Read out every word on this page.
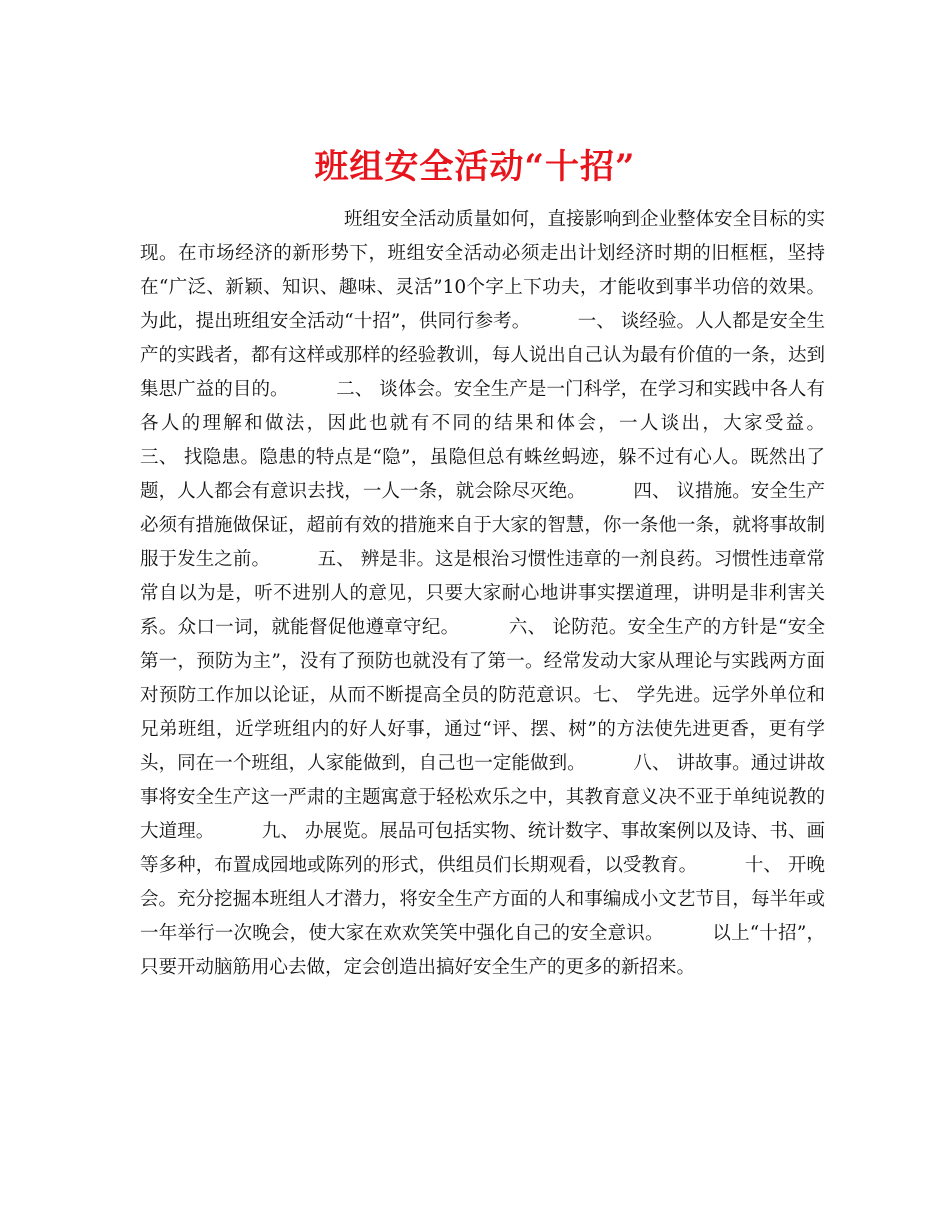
班组安全活动“十招”

班组安全活动质量如何，直接影响到企业整体安全目标的实现。在市场经济的新形势下，班组安全活动必须走出计划经济时期的旧框框，坚持在“广泛、新颖、知识、趣味、灵活”10个字上下功夫，才能收到事半功倍的效果。为此，提出班组安全活动“十招”，供同行参考。        一、 谈经验。人人都是安全生产的实践者，都有这样或那样的经验教训，每人说出自己认为最有价值的一条，达到集思广益的目的。        二、 谈体会。安全生产是一门科学，在学习和实践中各人有各人的理解和做法，因此也就有不同的结果和体会，一人谈出，大家受益。        三、 找隐患。隐患的特点是“隐”，虽隐但总有蛛丝蚂迹，躲不过有心人。既然出了题，人人都会有意识去找，一人一条，就会除尽灭绝。        四、 议措施。安全生产必须有措施做保证，超前有效的措施来自于大家的智慧，你一条他一条，就将事故制服于发生之前。        五、 辨是非。这是根治习惯性违章的一剂良药。习惯性违章常常自以为是，听不进别人的意见，只要大家耐心地讲事实摆道理，讲明是非利害关系。众口一词，就能督促他遵章守纪。        六、 论防范。安全生产的方针是“安全第一，预防为主”，没有了预防也就没有了第一。经常发动大家从理论与实践两方面对预防工作加以论证，从而不断提高全员的防范意识。七、 学先进。远学外单位和兄弟班组，近学班组内的好人好事，通过“评、摆、树”的方法使先进更香，更有学头，同在一个班组，人家能做到，自己也一定能做到。        八、 讲故事。通过讲故事将安全生产这一严肃的主题寓意于轻松欢乐之中，其教育意义决不亚于单纯说教的大道理。        九、 办展览。展品可包括实物、统计数字、事故案例以及诗、书、画等多种，布置成园地或陈列的形式，供组员们长期观看，以受教育。        十、 开晚会。充分挖掘本班组人才潜力，将安全生产方面的人和事编成小文艺节目，每半年或一年举行一次晚会，使大家在欢欢笑笑中强化自己的安全意识。        以上“十招”，只要开动脑筋用心去做，定会创造出搞好安全生产的更多的新招来。
